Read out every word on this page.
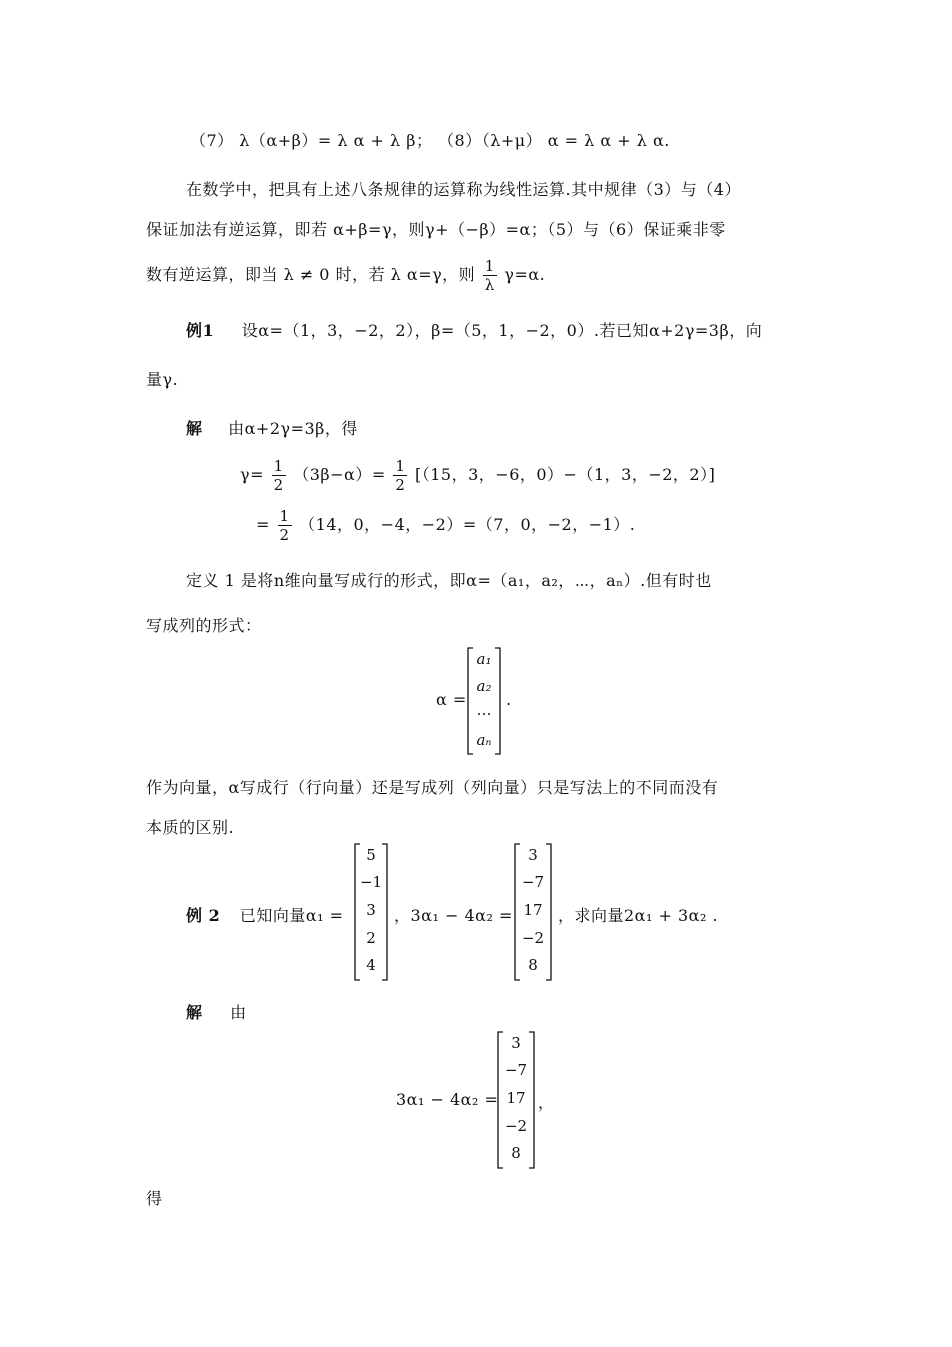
（7） λ（α+β）= λ α + λ β； （8）（λ+μ） α = λ α + λ α.
在数学中，把具有上述八条规律的运算称为线性运算.其中规律（3）与（4）
保证加法有逆运算，即若 α+β=γ，则γ+（−β）=α；（5）与（6）保证乘非零
数有逆运算，即当 λ ≠ 0 时，若 λ α=γ，则 $\frac{1}{\lambda} \gamma=\alpha$.
例1 设α=（1，3，−2，2），β=（5，1，−2，0）.若已知α+2γ=3β，向
量γ.
解 由α+2γ=3β，得
$\gamma= \frac{1}{2} (3\beta-\alpha)= \frac{1}{2} [(15$，3，−6，0）−（1，3，−2，2）]
= $\frac{1}{2} (14$，0，−4，−2）=（7，0，−2，−1）.
定义 1 是将n维向量写成行的形式，即α=（a₁，a₂，⋯，aₙ）.但有时也
写成列的形式：
α =
a₁
a₂
…
aₙ
.
作为向量，α写成行（行向量）还是写成列（列向量）只是写法上的不同而没有
本质的区别.
例 2 已知向量α₁ =
5
−1
3
2
4
，3α₁ − 4α₂ =
3
−7
17
−2
8
，求向量2α₁ + 3α₂ .
解 由
3α₁ − 4α₂ =
3
−7
17
−2
8
，
得
